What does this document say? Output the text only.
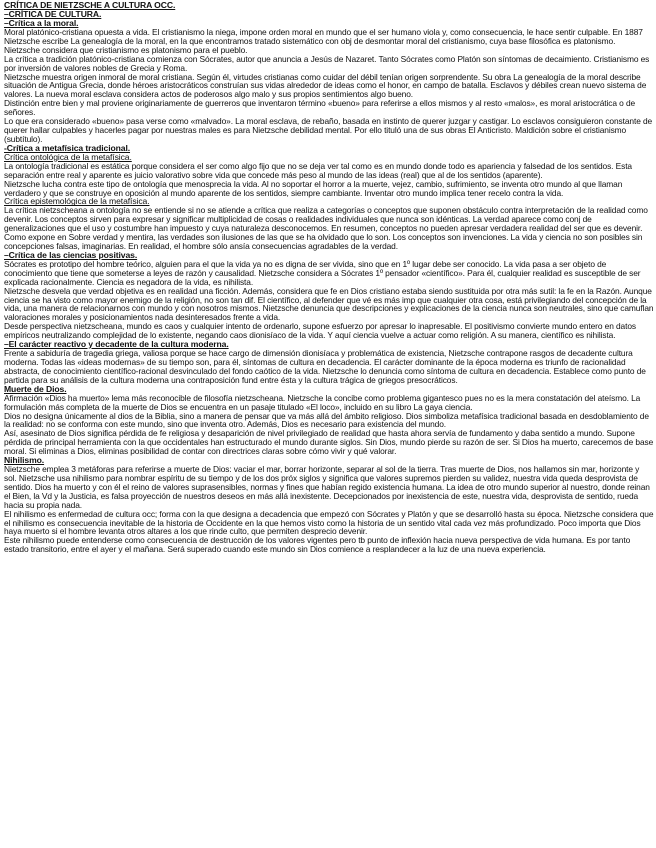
CRÍTICA DE NIETZSCHE A CULTURA OCC.
–CRÍTICA DE CULTURA.
–Crítica a la moral.

Moral platónico-cristiana opuesta a vida. El cristianismo la niega, impone orden moral en mundo que el ser humano viola y, como consecuencia, le hace sentir culpable. En 1887 Nietzsche escribe La genealogía de la moral, en la que encontramos tratado sistemático con obj de desmontar moral del cristianismo, cuya base filosófica es platonismo.

Nietzsche considera que cristianismo es platonismo para el pueblo.

La crítica a tradición platónico-cristiana comienza con Sócrates, autor que anuncia a Jesús de Nazaret. Tanto Sócrates como Platón son síntomas de decaimiento. Cristianismo es por inversión de valores nobles de Grecia y Roma.

Nietzsche muestra origen inmoral de moral cristiana. Según él, virtudes cristianas como cuidar del débil tenían origen sorprendente. Su obra La genealogía de la moral describe situación de Antigua Grecia, donde héroes aristocráticos construían sus vidas alrededor de ideas como el honor, en campo de batalla. Esclavos y débiles crean nuevo sistema de valores. La nueva moral esclava considera actos de poderosos algo malo y sus propios sentimientos algo bueno.

Distinción entre bien y mal proviene originariamente de guerreros que inventaron término «bueno» para referirse a ellos mismos y al resto «malos», es moral aristocrática o de señores.

Lo que era considerado «bueno» pasa verse como «malvado». La moral esclava, de rebaño, basada en instinto de querer juzgar y castigar. Lo esclavos consiguieron constante de querer hallar culpables y hacerles pagar por nuestras males es para Nietzsche debilidad mental. Por ello tituló una de sus obras El Anticristo. Maldición sobre el cristianismo (subtítulo).

-Crítica a metafísica tradicional.
Crítica ontológica de la metafísica.

La ontología tradicional es estática porque considera el ser como algo fijo que no se deja ver tal como es en mundo donde todo es apariencia y falsedad de los sentidos. Esta separación entre real y aparente es juicio valorativo sobre vida que concede más peso al mundo de las ideas (real) que al de los sentidos (aparente).

Nietzsche lucha contra este tipo de ontología que menosprecia la vida. Al no soportar el horror a la muerte, vejez, cambio, sufrimiento, se inventa otro mundo al que llaman verdadero y que se construye en oposición al mundo aparente de los sentidos, siempre cambiante. Inventar otro mundo implica tener recelo contra la vida.

Crítica epistemológica de la metafísica.

La crítica nietzscheana a ontología no se entiende si no se atiende a crítica que realiza a categorías o conceptos que suponen obstáculo contra interpretación de la realidad como devenir. Los conceptos sirven para expresar y significar multiplicidad de cosas o realidades individuales que nunca son idénticas. La verdad aparece como conj de generalizaciones que el uso y costumbre han impuesto y cuya naturaleza desconocemos. En resumen, conceptos no pueden apresar verdadera realidad del ser que es devenir. Como expone en Sobre verdad y mentira, las verdades son ilusiones de las que se ha olvidado que lo son. Los conceptos son invenciones. La vida y ciencia no son posibles sin concepciones falsas, imaginarias. En realidad, el hombre sólo ansía consecuencias agradables de la verdad.

–Crítica de las ciencias positivas.

Sócrates es prototipo del hombre teórico, alguien para el que la vida ya no es digna de ser vivida, sino que en 1º lugar debe ser conocido. La vida pasa a ser objeto de conocimiento que tiene que someterse a leyes de razón y causalidad. Nietzsche considera a Sócrates 1º pensador «científico». Para él, cualquier realidad es susceptible de ser explicada racionalmente. Ciencia es negadora de la vida, es nihilista.

Nietzsche desvela que verdad objetiva es en realidad una ficción. Además, considera que fe en Dios cristiano estaba siendo sustituida por otra más sutil: la fe en la Razón. Aunque ciencia se ha visto como mayor enemigo de la religión, no son tan dif. El científico, al defender que vé es más imp que cualquier otra cosa, está privilegiando del concepción de la vida, una manera de relacionarnos con mundo y con nosotros mismos. Nietzsche denuncia que descripciones y explicaciones de la ciencia nunca son neutrales, sino que camuflan valoraciones morales y posicionamientos nada desinteresados frente a vida.

Desde perspectiva nietzscheana, mundo es caos y cualquier intento de ordenarlo, supone esfuerzo por apresar lo inapresable. El positivismo convierte mundo entero en datos empíricos neutralizando complejidad de lo existente, negando caos dionisíaco de la vida. Y aquí ciencia vuelve a actuar como religión. A su manera, científico es nihilista.

–El carácter reactivo y decadente de la cultura moderna.

Frente a sabiduría de tragedia griega, valiosa porque se hace cargo de dimensión dionisíaca y problemática de existencia, Nietzsche contrapone rasgos de decadente cultura moderna. Todas las «ideas modernas» de su tiempo son, para él, síntomas de cultura en decadencia. El carácter dominante de la época moderna es triunfo de racionalidad abstracta, de conocimiento científico-racional desvinculado del fondo caótico de la vida. Nietzsche lo denuncia como síntoma de cultura en decadencia. Establece como punto de partida para su análisis de la cultura moderna una contraposición fund entre ésta y la cultura trágica de griegos presocráticos.

Muerte de Dios.

Afirmación «Dios ha muerto» lema más reconocible de filosofía nietzscheana. Nietzsche la concibe como problema gigantesco pues no es la mera constatación del ateísmo. La formulación más completa de la muerte de Dios se encuentra en un pasaje titulado «El loco», incluido en su libro La gaya ciencia.

Dios no designa únicamente al dios de la Biblia, sino a manera de pensar que va más allá del ámbito religioso. Dios simboliza metafísica tradicional basada en desdoblamiento de la realidad: no se conforma con este mundo, sino que inventa otro. Además, Dios es necesario para existencia del mundo.

Así, asesinato de Dios significa pérdida de fe religiosa y desaparición de nivel privilegiado de realidad que hasta ahora servía de fundamento y daba sentido a mundo. Supone pérdida de principal herramienta con la que occidentales han estructurado el mundo durante siglos. Sin Dios, mundo pierde su razón de ser. Si Dios ha muerto, carecemos de base moral. Si eliminas a Dios, eliminas posibilidad de contar con directrices claras sobre cómo vivir y qué valorar.

Nihilismo.

Nietzsche emplea 3 metáforas para referirse a muerte de Dios: vaciar el mar, borrar horizonte, separar al sol de la tierra. Tras muerte de Dios, nos hallamos sin mar, horizonte y sol. Nietzsche usa nihilismo para nombrar espíritu de su tiempo y de los dos próx siglos y significa que valores supremos pierden su validez, nuestra vida queda desprovista de sentido. Dios ha muerto y con él el reino de valores suprasensibles, normas y fines que habían regido existencia humana. La idea de otro mundo superior al nuestro, donde reinan el Bien, la Vd y la Justicia, es falsa proyección de nuestros deseos en más allá inexistente. Decepcionados por inexistencia de este, nuestra vida, desprovista de sentido, rueda hacia su propia nada.

El nihilismo es enfermedad de cultura occ; forma con la que designa a decadencia que empezó con Sócrates y Platón y que se desarrolló hasta su época. Nietzsche considera que el nihilismo es consecuencia inevitable de la historia de Occidente en la que hemos visto como la historia de un sentido vital cada vez más profundizado. Poco importa que Dios haya muerto si el hombre levanta otros altares a los que rinde culto, que permiten desprecio devenir.

Este nihilismo puede entenderse como consecuencia de destrucción de los valores vigentes pero tb punto de inflexión hacia nueva perspectiva de vida humana. Es por tanto estado transitorio, entre el ayer y el mañana. Será superado cuando este mundo sin Dios comience a resplandecer a la luz de una nueva experiencia.
